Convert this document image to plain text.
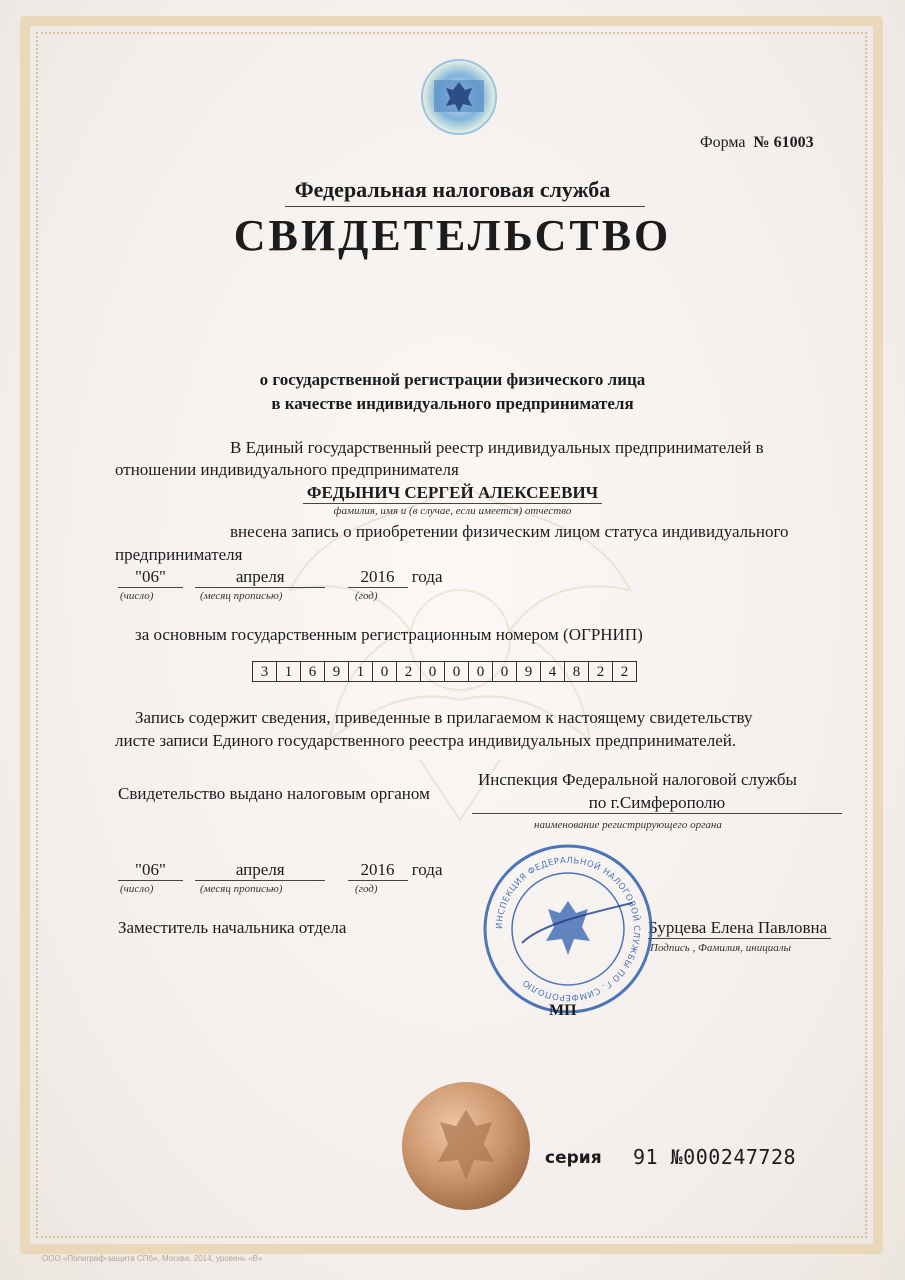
Форма № 61003
Федеральная налоговая служба
СВИДЕТЕЛЬСТВО
о государственной регистрации физического лица
в качестве индивидуального предпринимателя
В Единый государственный реестр индивидуальных предпринимателей в
отношении индивидуального предпринимателя
ФЕДЫНИЧ СЕРГЕЙ АЛЕКСЕЕВИЧ
фамилия, имя и (в случае, если имеется) отчество
внесена запись о приобретении физическим лицом статуса индивидуального
предпринимателя
"06"	апреля	2016 года
(число)	(месяц прописью)	(год)
за основным государственным регистрационным номером (ОГРНИП)
3	1	6	9	1	0	2	0	0	0	0	9	4	8	2	2
Запись содержит сведения, приведенные в прилагаемом к настоящему свидетельству
листе записи Единого государственного реестра индивидуальных предпринимателей.
Свидетельство выдано налоговым органом
Инспекция Федеральной налоговой службы
по г.Симферополю
наименование регистрирующего органа
"06"	апреля	2016 года
(число)	(месяц прописью)	(год)
Заместитель начальника отдела	Бурцева Елена Павловна
Подпись , Фамилия, инициалы
ИНСПЕКЦИЯ ФЕДЕРАЛЬНОЙ НАЛОГОВОЙ СЛУЖБЫ ПО Г. СИМФЕРОПОЛЮ
МП
серия 91 №000247728
ООО «Полиграф-защита СПб», Москва, 2014, уровень «В»
